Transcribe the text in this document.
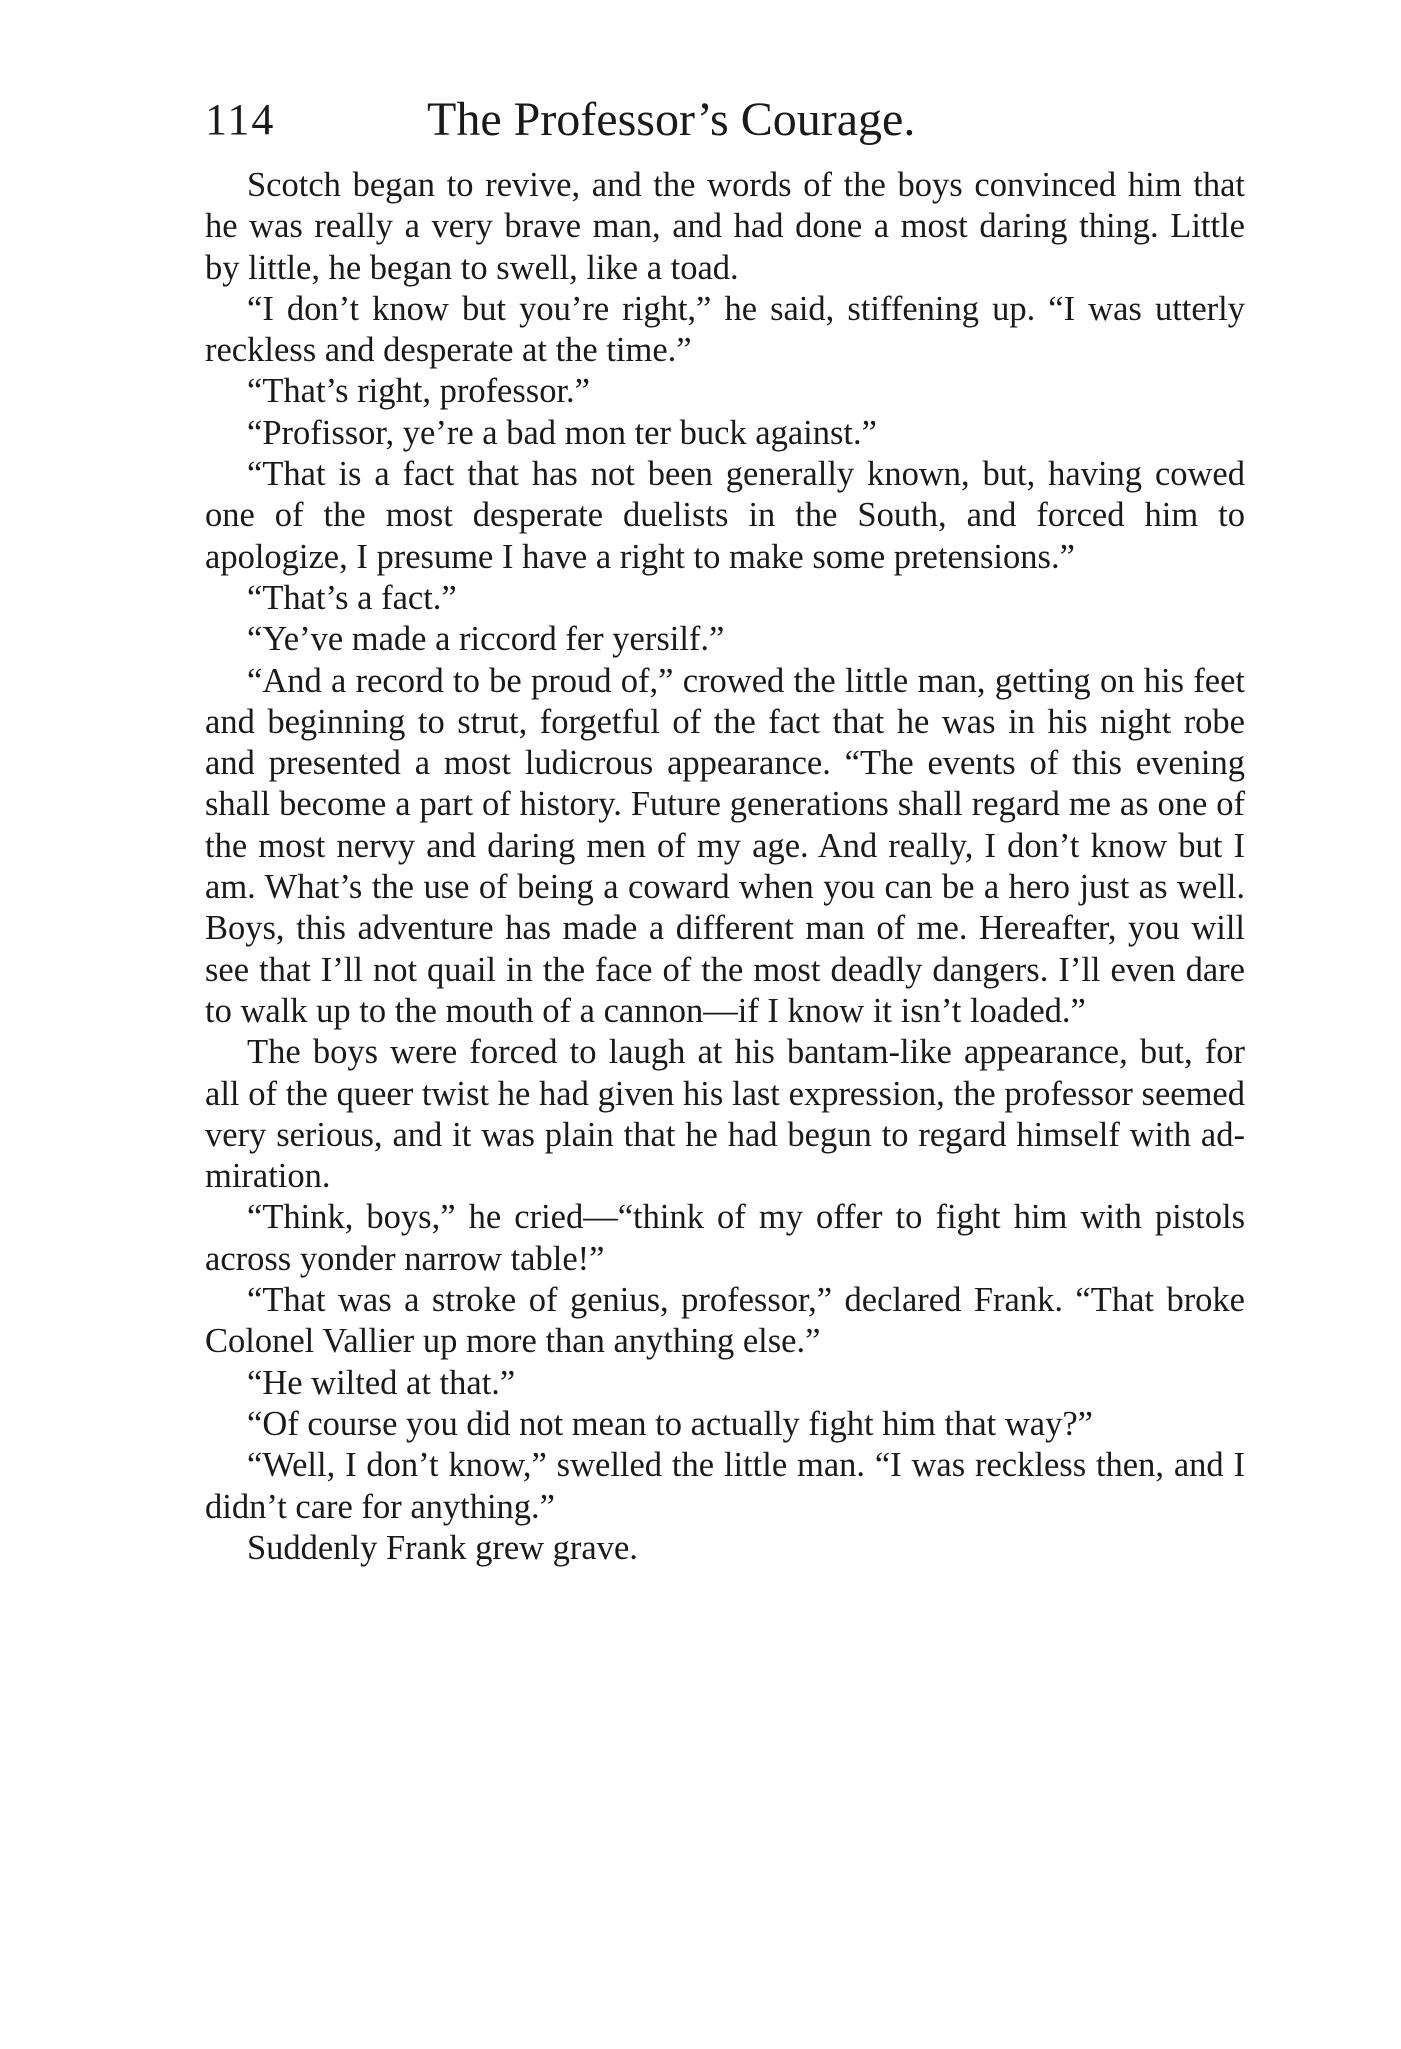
114	The Professor’s Courage.

Scotch began to revive, and the words of the boys convinced him that he was really a very brave man, and had done a most daring thing. Little by little, he began to swell, like a toad.

“I don’t know but you’re right,” he said, stiffening up. “I was utterly reckless and desperate at the time.”

“That’s right, professor.”

“Profissor, ye’re a bad mon ter buck against.”

“That is a fact that has not been generally known, but, having cowed one of the most desperate duelists in the South, and forced him to apologize, I presume I have a right to make some pretensions.”

“That’s a fact.”

“Ye’ve made a riccord fer yersilf.”

“And a record to be proud of,” crowed the little man, getting on his feet and beginning to strut, forgetful of the fact that he was in his night robe and presented a most ludicrous appearance. “The events of this evening shall become a part of history. Future generations shall regard me as one of the most nervy and daring men of my age. And really, I don’t know but I am. What’s the use of being a coward when you can be a hero just as well. Boys, this adventure has made a different man of me. Hereafter, you will see that I’ll not quail in the face of the most deadly dangers. I’ll even dare to walk up to the mouth of a cannon—if I know it isn’t loaded.”

The boys were forced to laugh at his bantam-like appearance, but, for all of the queer twist he had given his last expression, the professor seemed very serious, and it was plain that he had begun to regard himself with admiration.

“Think, boys,” he cried—“think of my offer to fight him with pistols across yonder narrow table!”

“That was a stroke of genius, professor,” declared Frank. “That broke Colonel Vallier up more than anything else.”

“He wilted at that.”

“Of course you did not mean to actually fight him that way?”

“Well, I don’t know,” swelled the little man. “I was reckless then, and I didn’t care for anything.”

Suddenly Frank grew grave.
